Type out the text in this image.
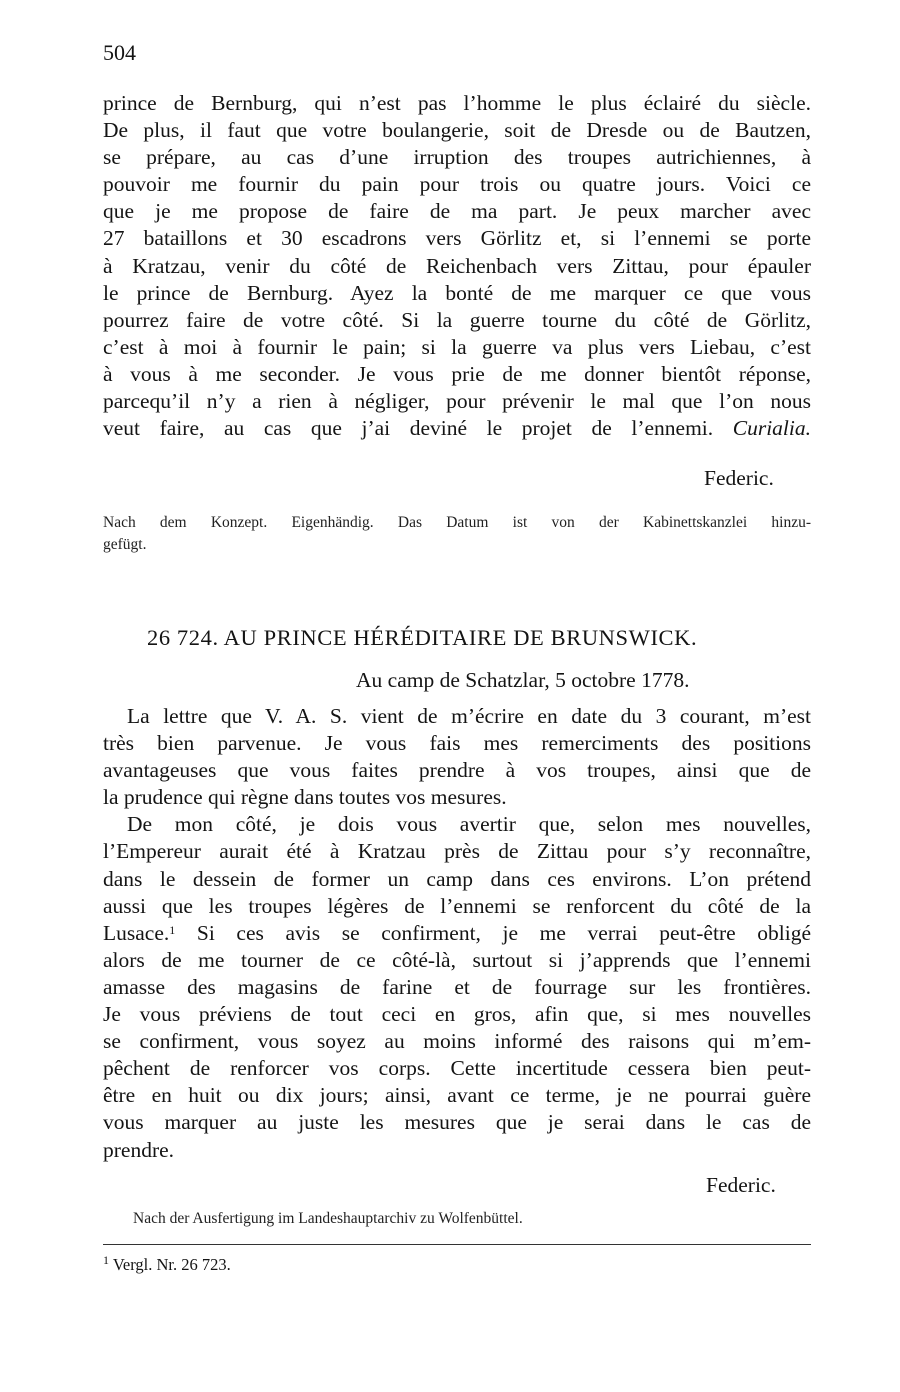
504
prince de Bernburg, qui n’est pas l’homme le plus éclairé du siècle.
De plus, il faut que votre boulangerie, soit de Dresde ou de Bautzen,
se prépare, au cas d’une irruption des troupes autrichiennes, à
pouvoir me fournir du pain pour trois ou quatre jours. Voici ce
que je me propose de faire de ma part. Je peux marcher avec
27 bataillons et 30 escadrons vers Görlitz et, si l’ennemi se porte
à Kratzau, venir du côté de Reichenbach vers Zittau, pour épauler
le prince de Bernburg. Ayez la bonté de me marquer ce que vous
pourrez faire de votre côté. Si la guerre tourne du côté de Görlitz,
c’est à moi à fournir le pain; si la guerre va plus vers Liebau, c’est
à vous à me seconder. Je vous prie de me donner bientôt réponse,
parcequ’il n’y a rien à négliger, pour prévenir le mal que l’on nous
veut faire, au cas que j’ai deviné le projet de l’ennemi. Curialia.
Federic.
Nach dem Konzept. Eigenhändig. Das Datum ist von der Kabinettskanzlei hinzu-
gefügt.
26 724. AU PRINCE HÉRÉDITAIRE DE BRUNSWICK.
Au camp de Schatzlar, 5 octobre 1778.
La lettre que V. A. S. vient de m’écrire en date du 3 courant, m’est
très bien parvenue. Je vous fais mes remerciments des positions
avantageuses que vous faites prendre à vos troupes, ainsi que de
la prudence qui règne dans toutes vos mesures.
De mon côté, je dois vous avertir que, selon mes nouvelles,
l’Empereur aurait été à Kratzau près de Zittau pour s’y reconnaître,
dans le dessein de former un camp dans ces environs. L’on prétend
aussi que les troupes légères de l’ennemi se renforcent du côté de la
Lusace.$^1$ Si ces avis se confirment, je me verrai peut-être obligé
alors de me tourner de ce côté-là, surtout si j’apprends que l’ennemi
amasse des magasins de farine et de fourrage sur les frontières.
Je vous préviens de tout ceci en gros, afin que, si mes nouvelles
se confirment, vous soyez au moins informé des raisons qui m’em-
pêchent de renforcer vos corps. Cette incertitude cessera bien peut-
être en huit ou dix jours; ainsi, avant ce terme, je ne pourrai guère
vous marquer au juste les mesures que je serai dans le cas de
prendre.
Federic.
Nach der Ausfertigung im Landeshauptarchiv zu Wolfenbüttel.
$^1$ Vergl. Nr. 26 723.
